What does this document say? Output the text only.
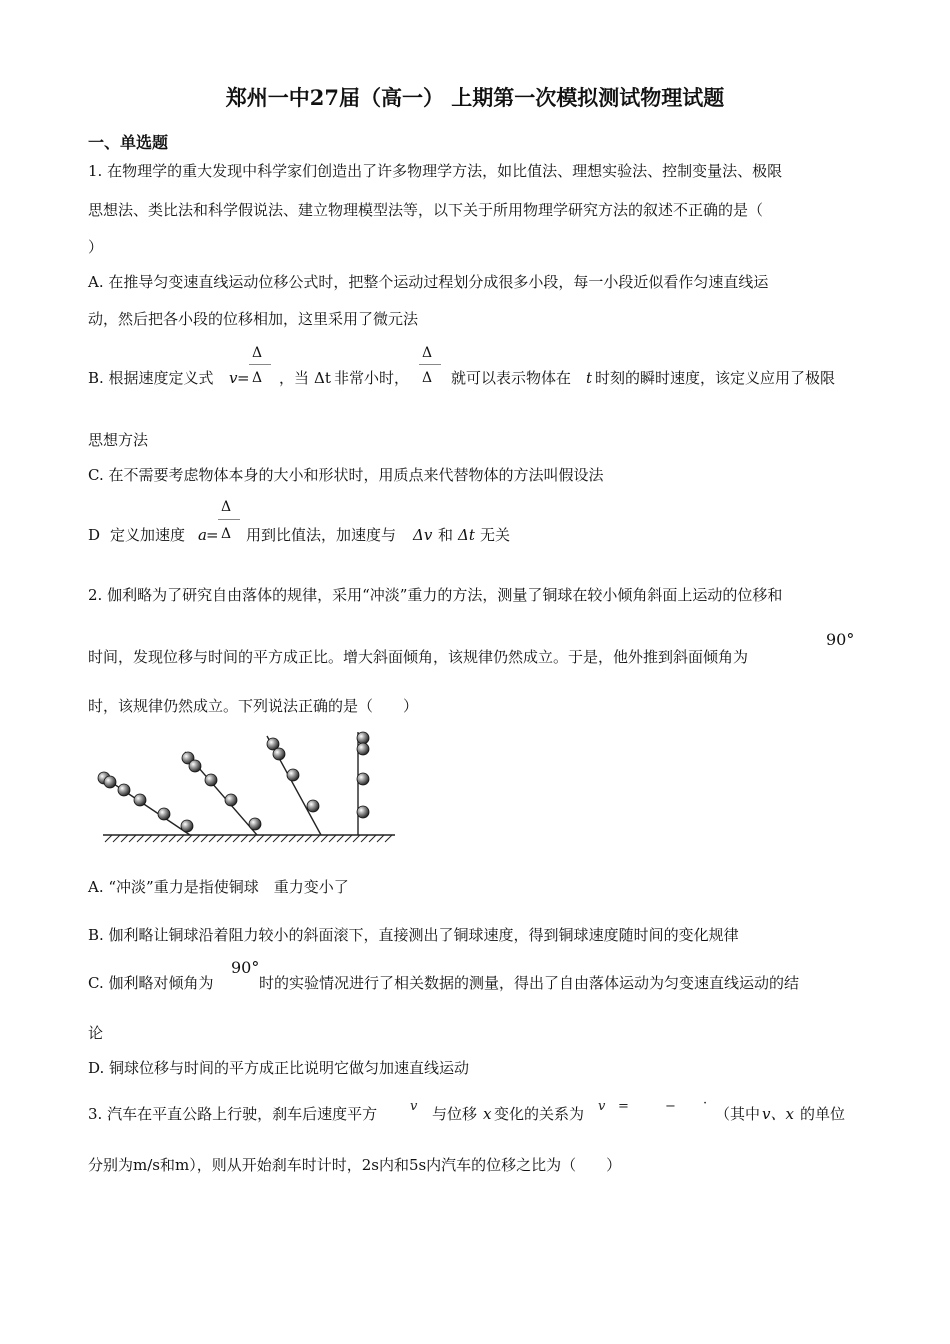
郑州一中27届（高一） 上期第一次模拟测试物理试题
一、单选题
1. 在物理学的重大发现中科学家们创造出了许多物理学方法，如比值法、理想实验法、控制变量法、极限
思想法、类比法和科学假说法、建立物理模型法等，以下关于所用物理学研究方法的叙述不正确的是（
）
A. 在推导匀变速直线运动位移公式时，把整个运动过程划分成很多小段，每一小段近似看作匀速直线运
动，然后把各小段的位移相加，这里采用了微元法
B. 根据速度定义式 v =
Δ
Δ ，当 Δt 非常小时，
Δ
Δ 就可以表示物体在 t 时刻的瞬时速度，该定义应用了极限
思想方法
C. 在不需要考虑物体本身的大小和形状时，用质点来代替物体的方法叫假设法
D 定义加速度 a =
Δ
Δ 用到比值法，加速度与 Δv 和 Δt 无关
2. 伽利略为了研究自由落体的规律，采用“冲淡”重力的方法，测量了铜球在较小倾角斜面上运动的位移和
时间，发现位移与时间的平方成正比。增大斜面倾角，该规律仍然成立。于是，他外推到斜面倾角为
90°
时，该规律仍然成立。下列说法正确的是（　　）
A. “冲淡”重力是指使铜球　重力变小了
B. 伽利略让铜球沿着阻力较小的斜面滚下，直接测出了铜球速度，得到铜球速度随时间的变化规律
C. 伽利略对倾角为
90°
时的实验情况进行了相关数据的测量，得出了自由落体运动为匀变速直线运动的结
论
D. 铜球位移与时间的平方成正比说明它做匀加速直线运动
3. 汽车在平直公路上行驶，刹车后速度平方	v 与位移 x 变化的关系为 v =	− ·
（其中 v、x 的单位
分别为m/s和m），则从开始刹车时计时，2s内和5s内汽车的位移之比为（　　）
